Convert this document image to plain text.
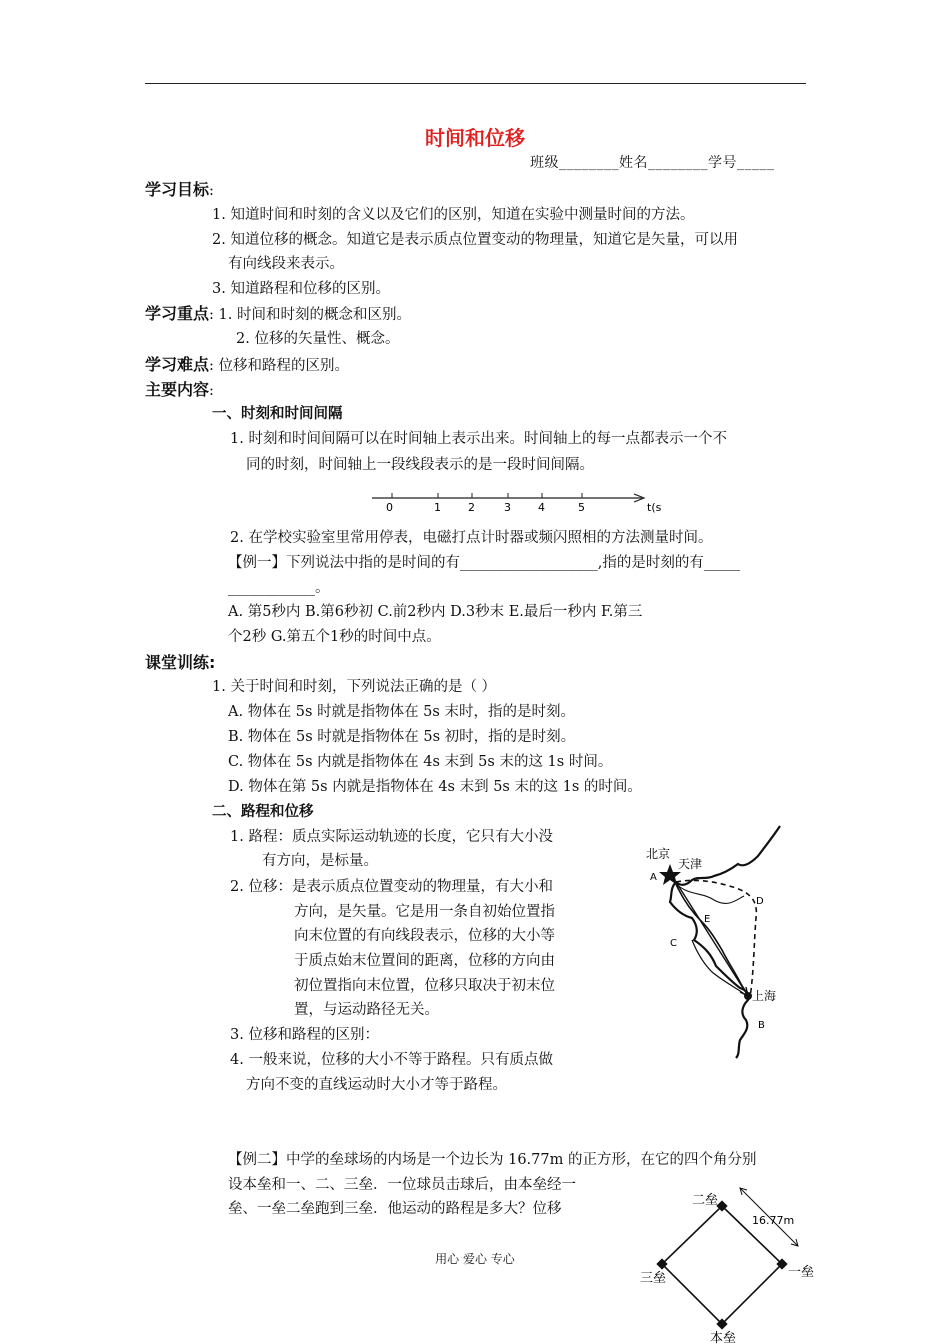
时间和位移
班级________姓名________学号_____
学习目标:
1. 知道时间和时刻的含义以及它们的区别，知道在实验中测量时间的方法。
2. 知道位移的概念。知道它是表示质点位置变动的物理量，知道它是矢量，可以用
有向线段来表示。
3. 知道路程和位移的区别。
学习重点: 1. 时间和时刻的概念和区别。
2. 位移的矢量性、概念。
学习难点: 位移和路程的区别。
主要内容:
一、时刻和时间间隔
1. 时刻和时间间隔可以在时间轴上表示出来。时间轴上的每一点都表示一个不
同的时刻，时间轴上一段线段表示的是一段时间间隔。
0	1 2	3 4	5	t(s
2. 在学校实验室里常用停表，电磁打点计时器或频闪照相的方法测量时间。
【例一】下列说法中指的是时间的有___________________,指的是时刻的有_____
____________。
A. 第5秒内 B.第6秒初 C.前2秒内 D.3秒末 E.最后一秒内 F.第三
个2秒 G.第五个1秒的时间中点。
课堂训练:
1. 关于时间和时刻，下列说法正确的是（ ）
A. 物体在 5s 时就是指物体在 5s 末时，指的是时刻。
B. 物体在 5s 时就是指物体在 5s 初时，指的是时刻。
C. 物体在 5s 内就是指物体在 4s 末到 5s 末的这 1s 时间。
D. 物体在第 5s 内就是指物体在 4s 末到 5s 末的这 1s 的时间。
二、路程和位移
1. 路程：质点实际运动轨迹的长度，它只有大小没
有方向，是标量。
2. 位移：是表示质点位置变动的物理量，有大小和
方向，是矢量。它是用一条自初始位置指
向末位置的有向线段表示，位移的大小等
于质点始末位置间的距离，位移的方向由
初位置指向末位置，位移只取决于初末位
置，与运动路径无关。
3. 位移和路程的区别：
4. 一般来说，位移的大小不等于路程。只有质点做
方向不变的直线运动时大小才等于路程。
北京
天津
上海
A
B
C
D
E
【例二】中学的垒球场的内场是一个边长为 16.77m 的正方形，在它的四个角分别
设本垒和一、二、三垒．一位球员击球后，由本垒经一
垒、一垒二垒跑到三垒．他运动的路程是多大？位移
二垒
一垒
三垒
本垒
16.77m
用心 爱心 专心
